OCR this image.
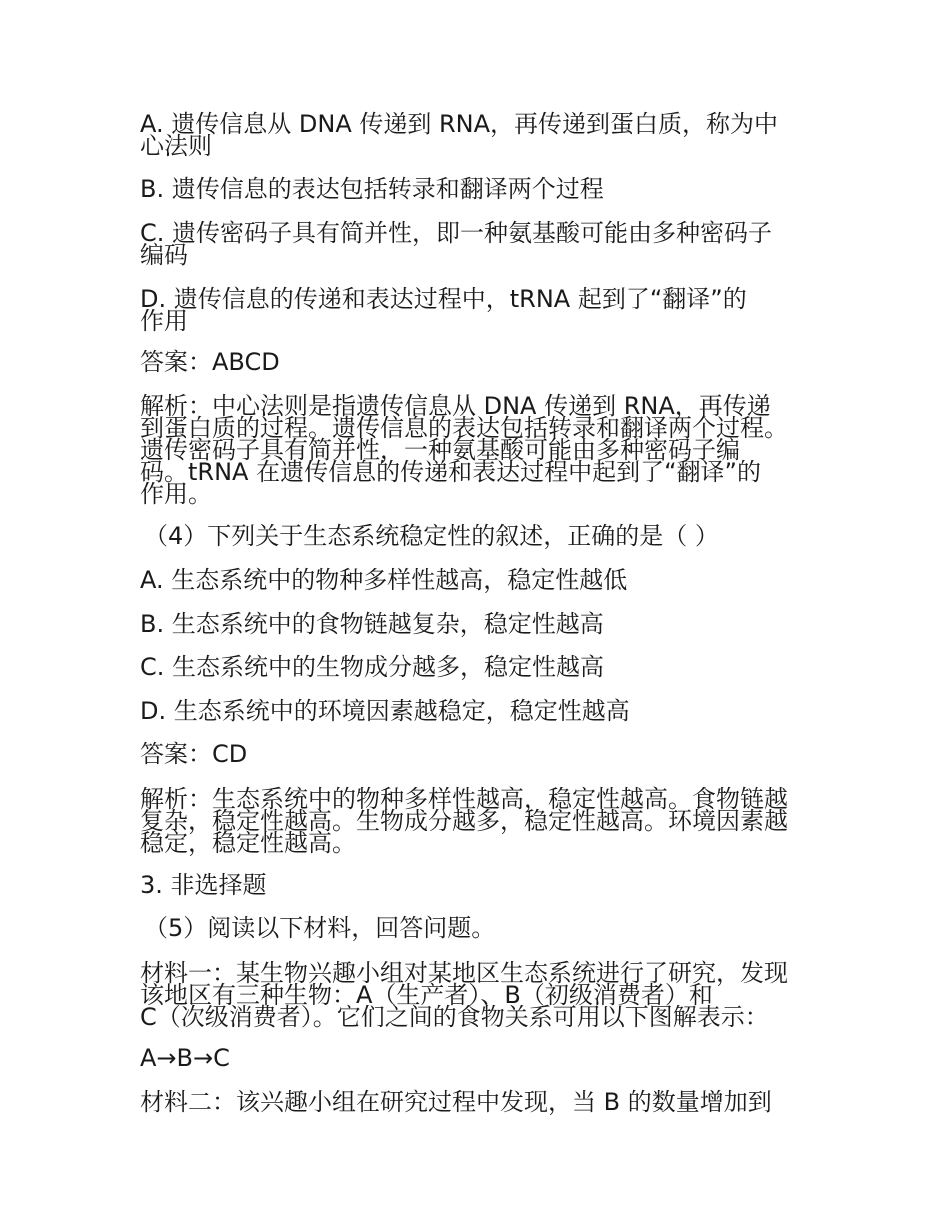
A. 遗传信息从 DNA 传递到 RNA，再传递到蛋白质，称为中

心法则

B. 遗传信息的表达包括转录和翻译两个过程

C. 遗传密码子具有简并性，即一种氨基酸可能由多种密码子

编码

D. 遗传信息的传递和表达过程中，tRNA 起到了“翻译”的

作用

答案：ABCD

解析：中心法则是指遗传信息从 DNA 传递到 RNA，再传递

到蛋白质的过程。遗传信息的表达包括转录和翻译两个过程。

遗传密码子具有简并性，一种氨基酸可能由多种密码子编

码。tRNA 在遗传信息的传递和表达过程中起到了“翻译”的

作用。

（4）下列关于生态系统稳定性的叙述，正确的是（ ）

A. 生态系统中的物种多样性越高，稳定性越低

B. 生态系统中的食物链越复杂，稳定性越高

C. 生态系统中的生物成分越多，稳定性越高

D. 生态系统中的环境因素越稳定，稳定性越高

答案：CD

解析：生态系统中的物种多样性越高，稳定性越高。食物链越

复杂，稳定性越高。生物成分越多，稳定性越高。环境因素越

稳定，稳定性越高。

3. 非选择题

（5）阅读以下材料，回答问题。

材料一：某生物兴趣小组对某地区生态系统进行了研究，发现

该地区有三种生物：A（生产者）、B（初级消费者）和

C（次级消费者）。它们之间的食物关系可用以下图解表示：

A→B→C

材料二：该兴趣小组在研究过程中发现，当 B 的数量增加到
